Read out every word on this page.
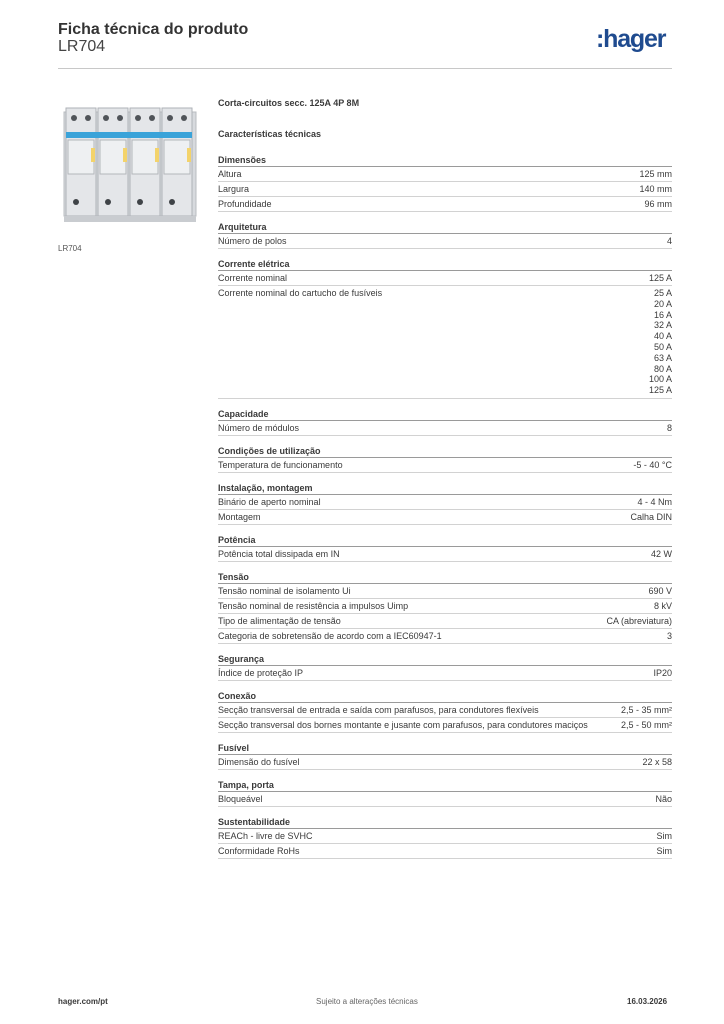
Ficha técnica do produto
LR704	:hager
LR704
Corta-circuitos secc. 125A 4P 8M
Características técnicas
Dimensões
Altura	125 mm
Largura	140 mm
Profundidade	96 mm
Arquitetura
Número de polos	4
Corrente elétrica
Corrente nominal	125 A
Corrente nominal do cartucho de fusíveis	25 A
20 A
16 A
32 A
40 A
50 A
63 A
80 A
100 A
125 A
Capacidade
Número de módulos	8
Condições de utilização
Temperatura de funcionamento	-5 - 40 °C
Instalação, montagem
Binário de aperto nominal	4 - 4 Nm
Montagem	Calha DIN
Potência
Potência total dissipada em IN	42 W
Tensão
Tensão nominal de isolamento Ui	690 V
Tensão nominal de resistência a impulsos Uimp	8 kV
Tipo de alimentação de tensão	CA (abreviatura)
Categoria de sobretensão de acordo com a IEC60947-1	3
Segurança
Índice de proteção IP	IP20
Conexão
Secção transversal de entrada e saída com parafusos, para condutores flexíveis	2,5 - 35 mm²
Secção transversal dos bornes montante e jusante com parafusos, para condutores maciços	2,5 - 50 mm²
Fusível
Dimensão do fusível	22 x 58
Tampa, porta
Bloqueável	Não
Sustentabilidade
REACh - livre de SVHC	Sim
Conformidade RoHs	Sim
hager.com/pt	Sujeito a alterações técnicas	16.03.2026
